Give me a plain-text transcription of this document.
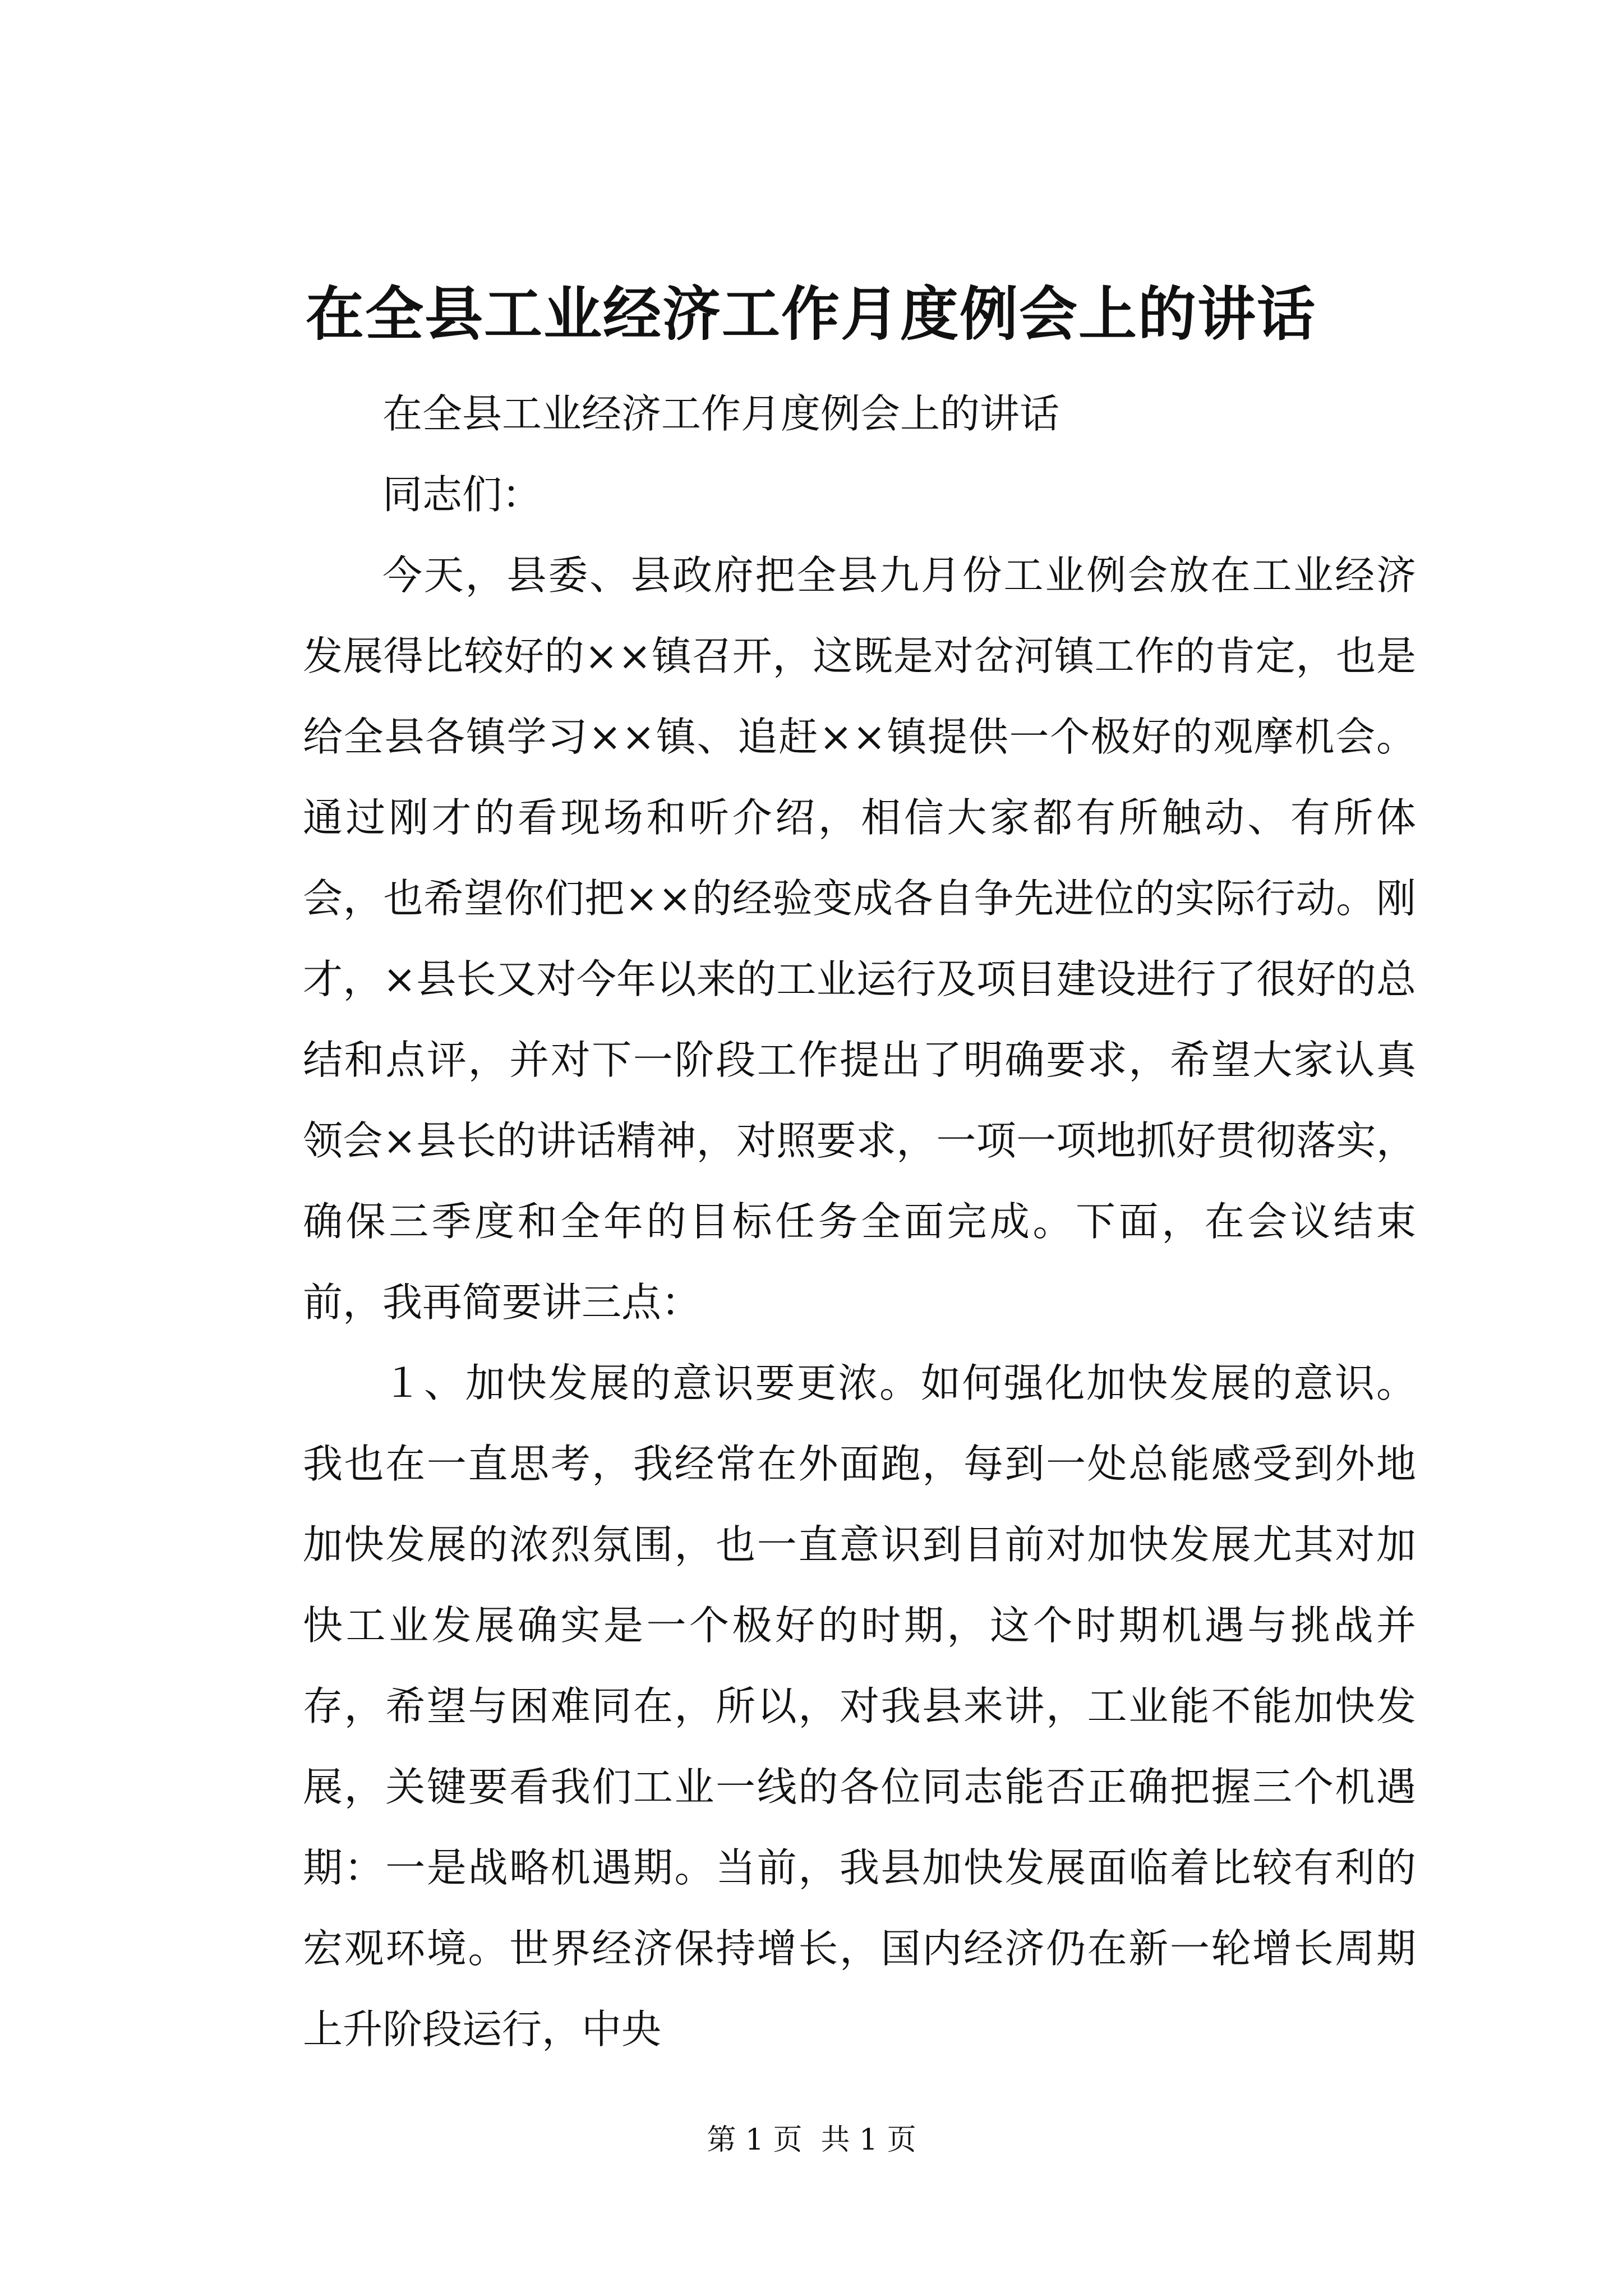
在全县工业经济工作月度例会上的讲话

在全县工业经济工作月度例会上的讲话

同志们：

今天，县委、县政府把全县九月份工业例会放在工业经济发展得比较好的××镇召开，这既是对岔河镇工作的肯定，也是给全县各镇学习××镇、追赶××镇提供一个极好的观摩机会。通过刚才的看现场和听介绍，相信大家都有所触动、有所体会，也希望你们把××的经验变成各自争先进位的实际行动。刚才，×县长又对今年以来的工业运行及项目建设进行了很好的总结和点评，并对下一阶段工作提出了明确要求，希望大家认真领会×县长的讲话精神，对照要求，一项一项地抓好贯彻落实，确保三季度和全年的目标任务全面完成。下面，在会议结束前，我再简要讲三点：

１、加快发展的意识要更浓。如何强化加快发展的意识。我也在一直思考，我经常在外面跑，每到一处总能感受到外地加快发展的浓烈氛围，也一直意识到目前对加快发展尤其对加快工业发展确实是一个极好的时期，这个时期机遇与挑战并存，希望与困难同在，所以，对我县来讲，工业能不能加快发展，关键要看我们工业一线的各位同志能否正确把握三个机遇期：一是战略机遇期。当前，我县加快发展面临着比较有利的宏观环境。世界经济保持增长，国内经济仍在新一轮增长周期上升阶段运行，中央

第 1 页  共 1 页
